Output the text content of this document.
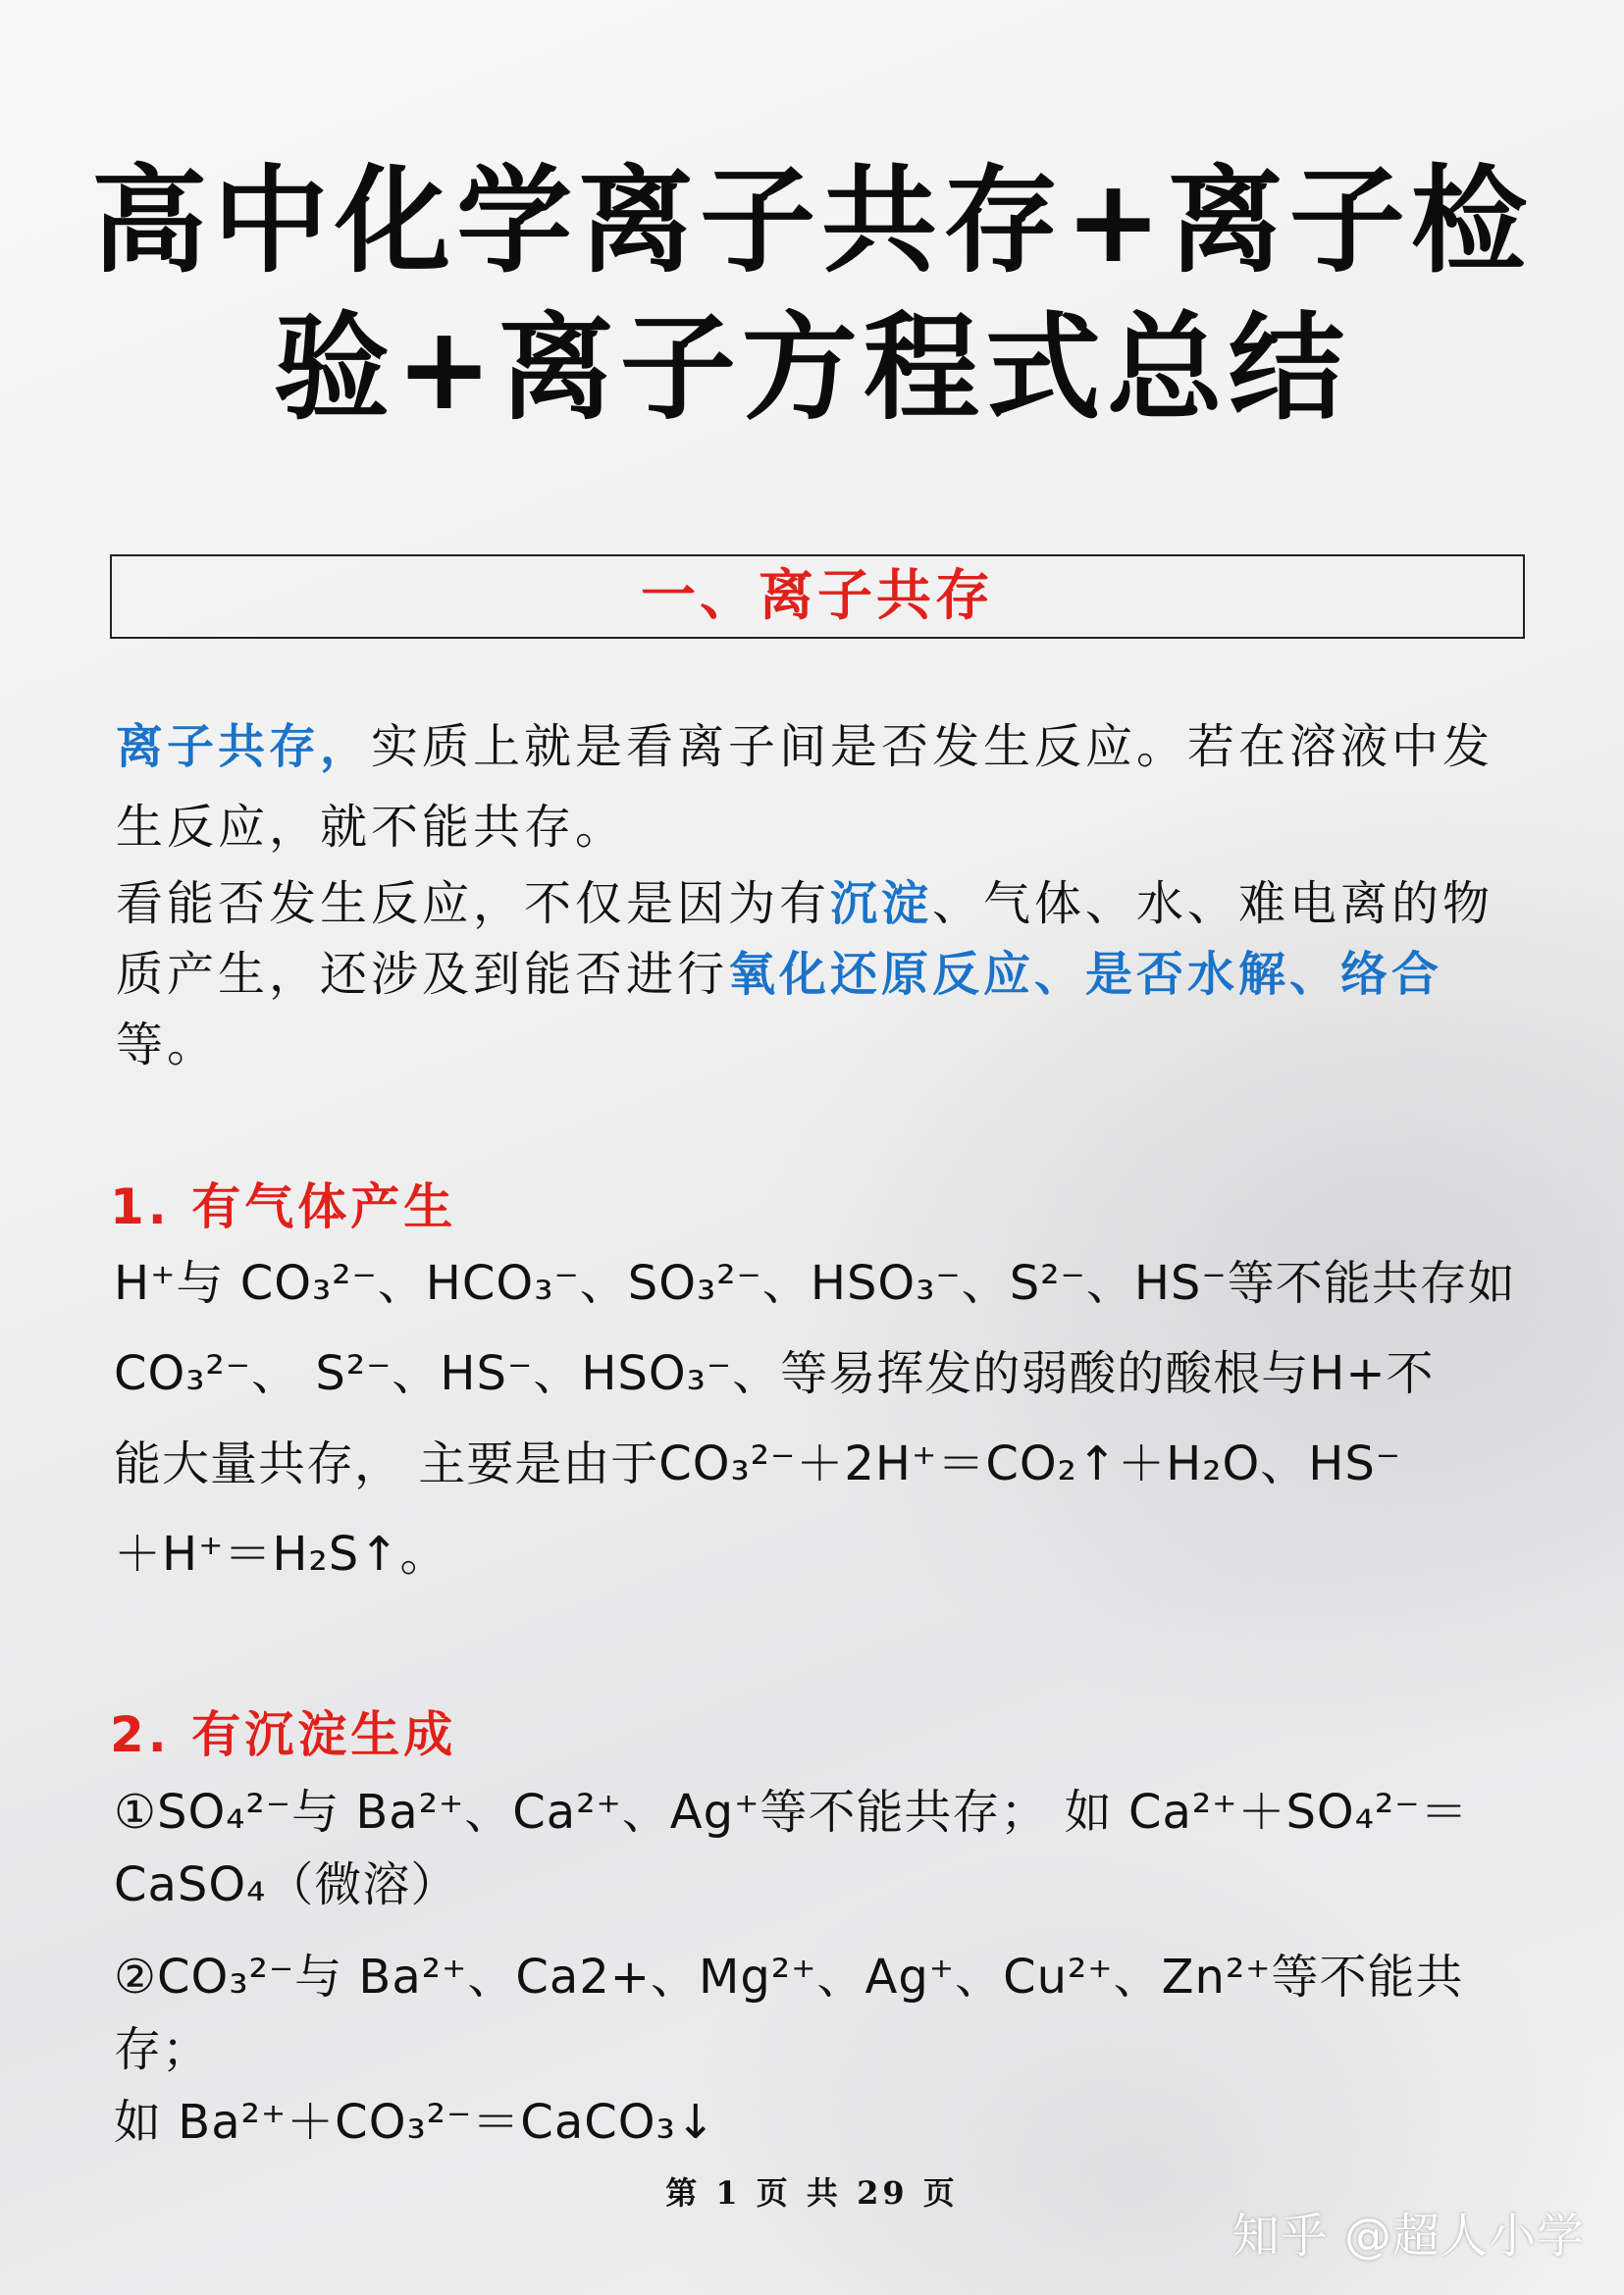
高中化学离子共存+离子检
验+离子方程式总结
一、离子共存

离子共存，实质上就是看离子间是否发生反应。若在溶液中发生反应，就不能共存。

看能否发生反应，不仅是因为有沉淀、气体、水、难电离的物质产生，还涉及到能否进行氧化还原反应、是否水解、络合等。

1. 有气体产生
H⁺与 CO₃²⁻、HCO₃⁻、SO₃²⁻、HSO₃⁻、S²⁻、HS⁻等不能共存如
CO₃²⁻、 S²⁻、HS⁻、HSO₃⁻、等易挥发的弱酸的酸根与H+不
能大量共存， 主要是由于CO₃²⁻＋2H⁺＝CO₂↑＋H₂O、HS⁻
＋H⁺＝H₂S↑。
2. 有沉淀生成
①SO₄²⁻与 Ba²⁺、Ca²⁺、Ag⁺等不能共存； 如 Ca²⁺＋SO₄²⁻＝
CaSO₄（微溶）
②CO₃²⁻与 Ba²⁺、Ca2+、Mg²⁺、Ag⁺、Cu²⁺、Zn²⁺等不能共存；
如 Ba²⁺＋CO₃²⁻＝CaCO₃↓
第 1 页 共 29 页
知乎 @超人小学
